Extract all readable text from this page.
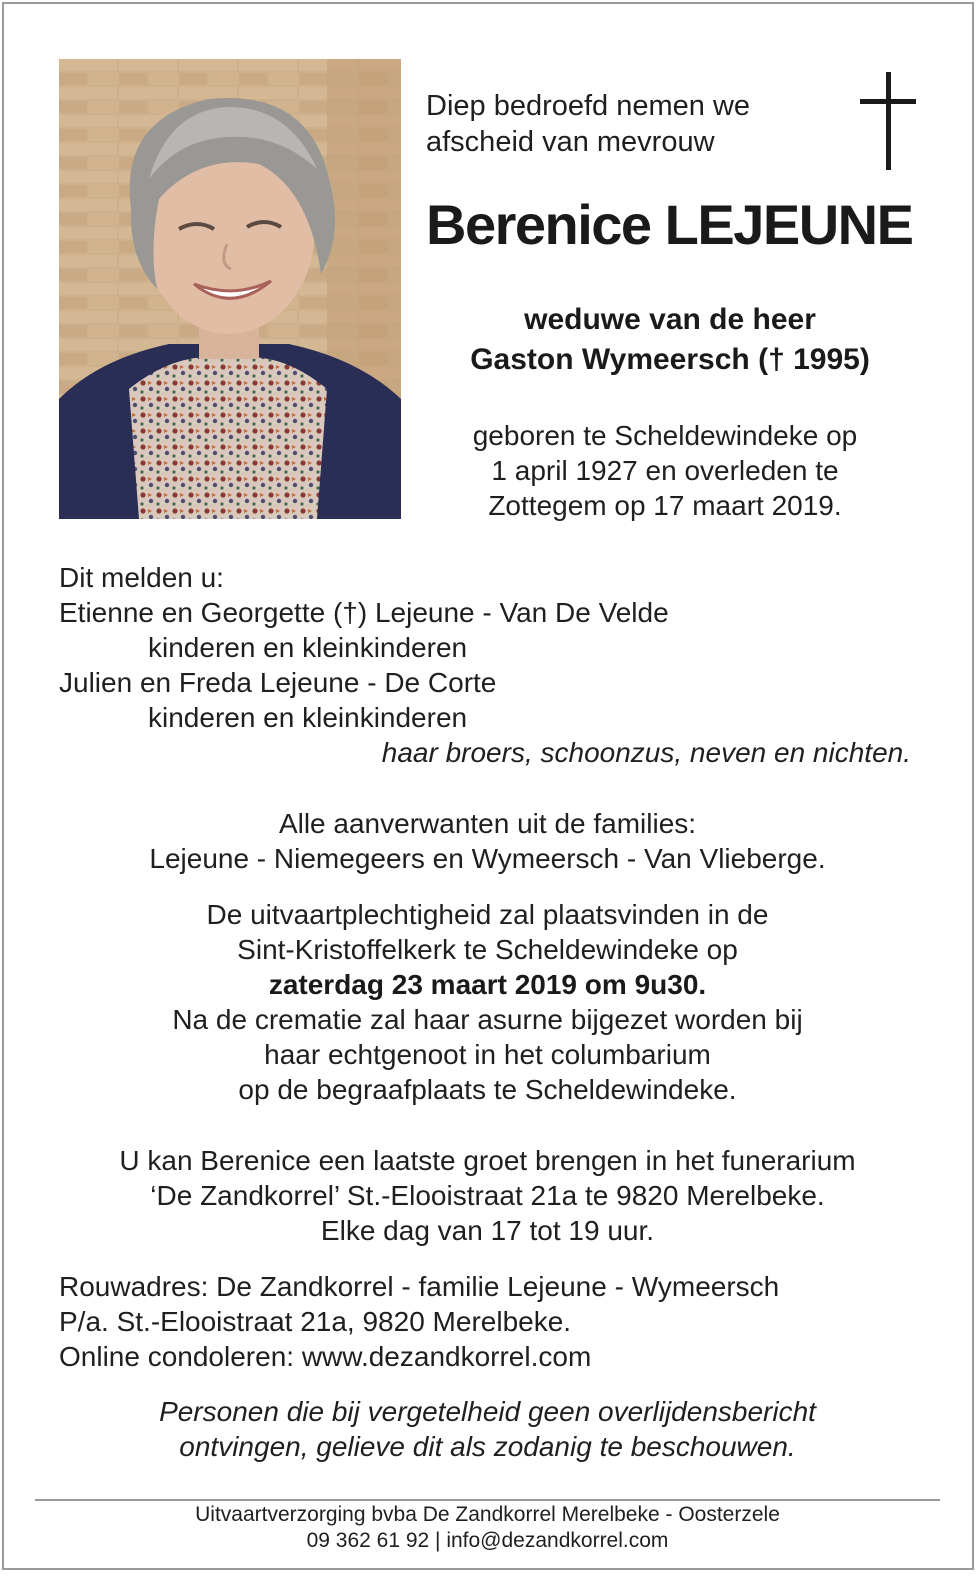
Diep bedroefd nemen we
afscheid van mevrouw
Berenice LEJEUNE
weduwe van de heer
Gaston Wymeersch († 1995)
geboren te Scheldewindeke op
1 april 1927 en overleden te
Zottegem op 17 maart 2019.
Dit melden u:
Etienne en Georgette (†) Lejeune - Van De Velde
kinderen en kleinkinderen
Julien en Freda Lejeune - De Corte
kinderen en kleinkinderen
haar broers, schoonzus, neven en nichten.
Alle aanverwanten uit de families:
Lejeune - Niemegeers en Wymeersch - Van Vlieberge.
De uitvaartplechtigheid zal plaatsvinden in de
Sint-Kristoffelkerk te Scheldewindeke op
zaterdag 23 maart 2019 om 9u30.
Na de crematie zal haar asurne bijgezet worden bij
haar echtgenoot in het columbarium
op de begraafplaats te Scheldewindeke.
U kan Berenice een laatste groet brengen in het funerarium
‘De Zandkorrel’ St.-Elooistraat 21a te 9820 Merelbeke.
Elke dag van 17 tot 19 uur.
Rouwadres: De Zandkorrel - familie Lejeune - Wymeersch
P/a. St.-Elooistraat 21a, 9820 Merelbeke.
Online condoleren: www.dezandkorrel.com
Personen die bij vergetelheid geen overlijdensbericht
ontvingen, gelieve dit als zodanig te beschouwen.
Uitvaartverzorging bvba De Zandkorrel Merelbeke - Oosterzele
09 362 61 92 | info@dezandkorrel.com
